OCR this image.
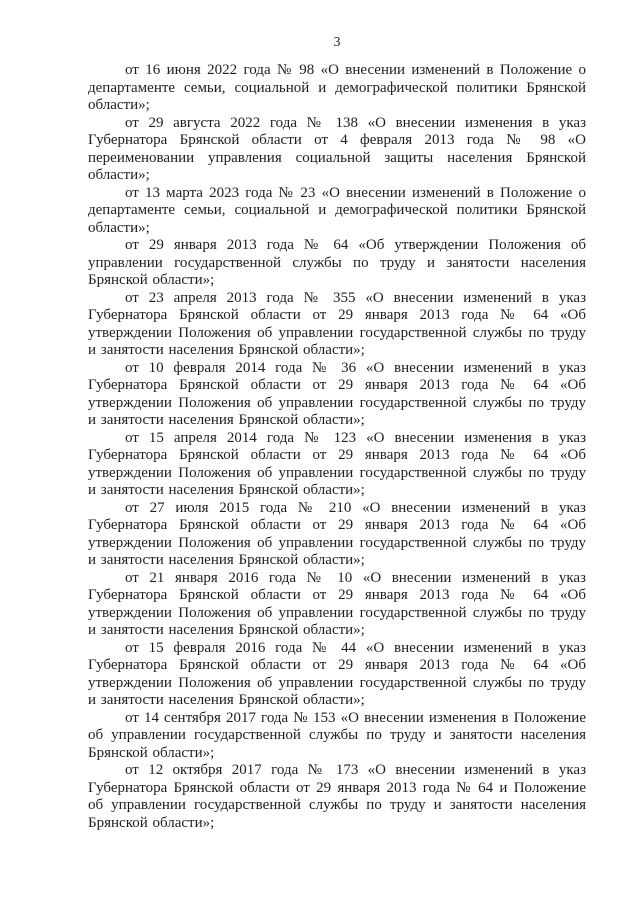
3

от 16 июня 2022 года № 98 «О внесении изменений в Положение о департаменте семьи, социальной и демографической политики Брянской области»;

от 29 августа 2022 года № 138 «О внесении изменения в указ Губернатора Брянской области от 4 февраля 2013 года № 98 «О переименовании управления социальной защиты населения Брянской области»;

от 13 марта 2023 года № 23 «О внесении изменений в Положение о департаменте семьи, социальной и демографической политики Брянской области»;

от 29 января 2013 года № 64 «Об утверждении Положения об управлении государственной службы по труду и занятости населения Брянской области»;

от 23 апреля 2013 года № 355 «О внесении изменений в указ Губернатора Брянской области от 29 января 2013 года № 64 «Об утверждении Положения об управлении государственной службы по труду и занятости населения Брянской области»;

от 10 февраля 2014 года № 36 «О внесении изменений в указ Губернатора Брянской области от 29 января 2013 года № 64 «Об утверждении Положения об управлении государственной службы по труду и занятости населения Брянской области»;

от 15 апреля 2014 года № 123 «О внесении изменения в указ Губернатора Брянской области от 29 января 2013 года № 64 «Об утверждении Положения об управлении государственной службы по труду и занятости населения Брянской области»;

от 27 июля 2015 года № 210 «О внесении изменений в указ Губернатора Брянской области от 29 января 2013 года № 64 «Об утверждении Положения об управлении государственной службы по труду и занятости населения Брянской области»;

от 21 января 2016 года № 10 «О внесении изменений в указ Губернатора Брянской области от 29 января 2013 года № 64 «Об утверждении Положения об управлении государственной службы по труду и занятости населения Брянской области»;

от 15 февраля 2016 года № 44 «О внесении изменений в указ Губернатора Брянской области от 29 января 2013 года № 64 «Об утверждении Положения об управлении государственной службы по труду и занятости населения Брянской области»;

от 14 сентября 2017 года № 153 «О внесении изменения в Положение об управлении государственной службы по труду и занятости населения Брянской области»;

от 12 октября 2017 года № 173 «О внесении изменений в указ Губернатора Брянской области от 29 января 2013 года № 64 и Положение об управлении государственной службы по труду и занятости населения Брянской области»;
